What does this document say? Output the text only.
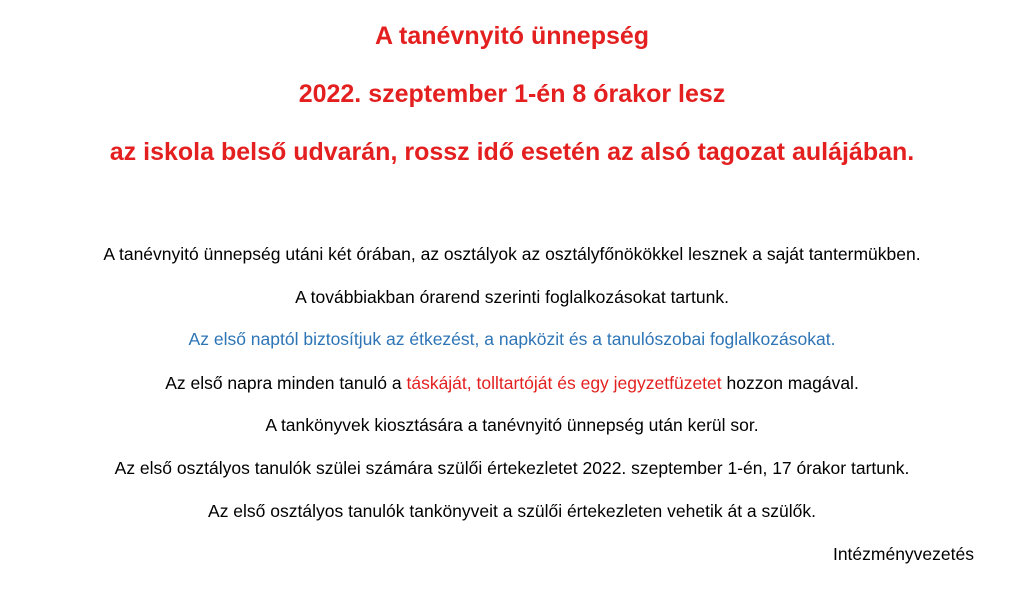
A tanévnyitó ünnepség
2022. szeptember 1-én 8 órakor lesz
az iskola belső udvarán, rossz idő esetén az alsó tagozat aulájában.
A tanévnyitó ünnepség utáni két órában, az osztályok az osztályfőnökökkel lesznek a saját tantermükben.
A továbbiakban órarend szerinti foglalkozásokat tartunk.
Az első naptól biztosítjuk az étkezést, a napközit és a tanulószobai foglalkozásokat.
Az első napra minden tanuló a táskáját, tolltartóját és egy jegyzetfüzetet hozzon magával.
A tankönyvek kiosztására a tanévnyitó ünnepség után kerül sor.
Az első osztályos tanulók szülei számára szülői értekezletet 2022. szeptember 1-én, 17 órakor tartunk.
Az első osztályos tanulók tankönyveit a szülői értekezleten vehetik át a szülők.
Intézményvezetés
